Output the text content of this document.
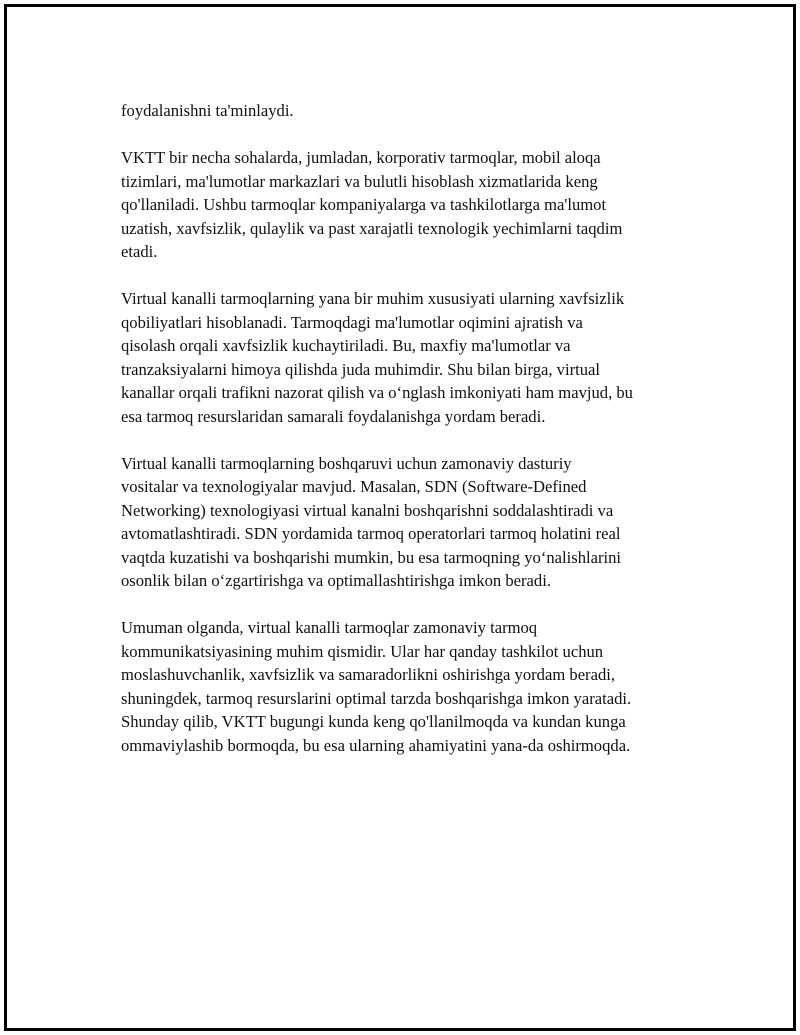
foydalanishni ta'minlaydi.
VKTT bir necha sohalarda, jumladan, korporativ tarmoqlar, mobil aloqa
tizimlari, ma'lumotlar markazlari va bulutli hisoblash xizmatlarida keng
qo'llaniladi. Ushbu tarmoqlar kompaniyalarga va tashkilotlarga ma'lumot
uzatish, xavfsizlik, qulaylik va past xarajatli texnologik yechimlarni taqdim
etadi.
Virtual kanalli tarmoqlarning yana bir muhim xususiyati ularning xavfsizlik
qobiliyatlari hisoblanadi. Tarmoqdagi ma'lumotlar oqimini ajratish va
qisolash orqali xavfsizlik kuchaytiriladi. Bu, maxfiy ma'lumotlar va
tranzaksiyalarni himoya qilishda juda muhimdir. Shu bilan birga, virtual
kanallar orqali trafikni nazorat qilish va oʻnglash imkoniyati ham mavjud, bu
esa tarmoq resurslaridan samarali foydalanishga yordam beradi.
Virtual kanalli tarmoqlarning boshqaruvi uchun zamonaviy dasturiy
vositalar va texnologiyalar mavjud. Masalan, SDN (Software-Defined
Networking) texnologiyasi virtual kanalni boshqarishni soddalashtiradi va
avtomatlashtiradi. SDN yordamida tarmoq operatorlari tarmoq holatini real
vaqtda kuzatishi va boshqarishi mumkin, bu esa tarmoqning yoʻnalishlarini
osonlik bilan oʻzgartirishga va optimallashtirishga imkon beradi.
Umuman olganda, virtual kanalli tarmoqlar zamonaviy tarmoq
kommunikatsiyasining muhim qismidir. Ular har qanday tashkilot uchun
moslashuvchanlik, xavfsizlik va samaradorlikni oshirishga yordam beradi,
shuningdek, tarmoq resurslarini optimal tarzda boshqarishga imkon yaratadi.
Shunday qilib, VKTT bugungi kunda keng qo'llanilmoqda va kundan kunga
ommaviylashib bormoqda, bu esa ularning ahamiyatini yana-da oshirmoqda.
